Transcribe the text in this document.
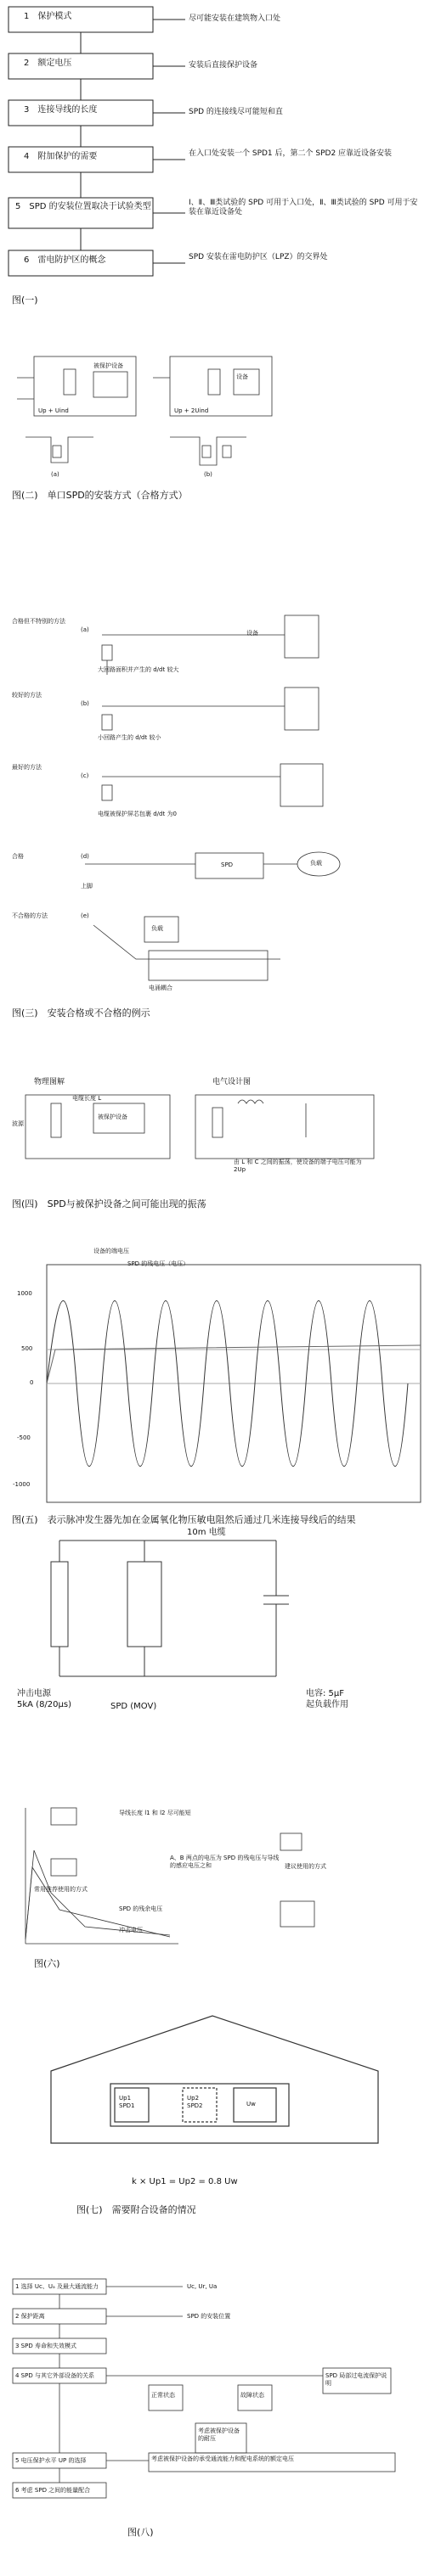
1　 保护模式	尽可能安装在建筑物入口处
2　 额定电压	安装后直接保护设备
3　 连接导线的长度	SPD 的连接线尽可能短和直
4　 附加保护的需要	在入口处安装一个 SPD1 后，第二个 SPD2 应靠近设备安装
5　 SPD 的安装位置取决于试验类型	Ⅰ、Ⅱ、Ⅲ类试验的 SPD 可用于入口处，Ⅱ、Ⅲ类试验的 SPD 可用于安装在靠近设备处
6　 雷电防护区的概念	SPD 安装在雷电防护区（LPZ）的交界处
图(一)
被保护设备
设备
Up + Uind	Up + 2Uind
(a)	(b)
图(二)　单口SPD的安装方式（合格方式）
合格但不特别的方法
(a)
大回路面积并产生的 d/dt 较大
设备
较好的方法
(b)
小回路产生的 d/dt 较小
最好的方法
(c)
电缆被保护屏芯包裹 d/dt 为0
合格	(d)
上脚
SPD	负载
不合格的方法	(e)
电涌耦合
负载
图(三)　安装合格或不合格的例示
物理图解	电气设计图
波源
电缆长度 L
被保护设备
由 L 和 C 之间的振荡，使设备的端子电压可能为 2Up
图(四)　SPD与被保护设备之间可能出现的振荡
设备的端电压
SPD 的残电压（电压）
1000
500
0
-500
-1000
图(五)　表示脉冲发生器先加在金属氧化物压敏电阻然后通过几米连接导线后的结果
10m 电缆
冲击电源
5kA (8/20μs)	SPD (MOV)
电容: 5μF
起负载作用
导线长度 l1 和 l2 尽可能短
A、B 两点的电压为 SPD 的残电压与导线的感应电压之和	建议使用的方式
SPD 的残余电压
冲击电压
常用推荐使用的方式
图(六)
Up1
SPD1
Up2
SPD2	Uw
k × Up1 = Up2 = 0.8 Uw
图(七)　需要附合设备的情况
1 选择 Uc、Uₐ 及最大通流能力
2 保护距离
3 SPD 寿命和失效模式
4 SPD 与其它外部设备的关系
5 电压保护水平 UP 的选择
6 考虑 SPD 之间的能量配合
Uc, Ur, Ua
SPD 的安装位置
正常状态	故障状态
SPD 局部过电流保护说明
考虑被保护设备的承受通流能力和配电系统的额定电压
考虑被保护设备的耐压
图(八)
